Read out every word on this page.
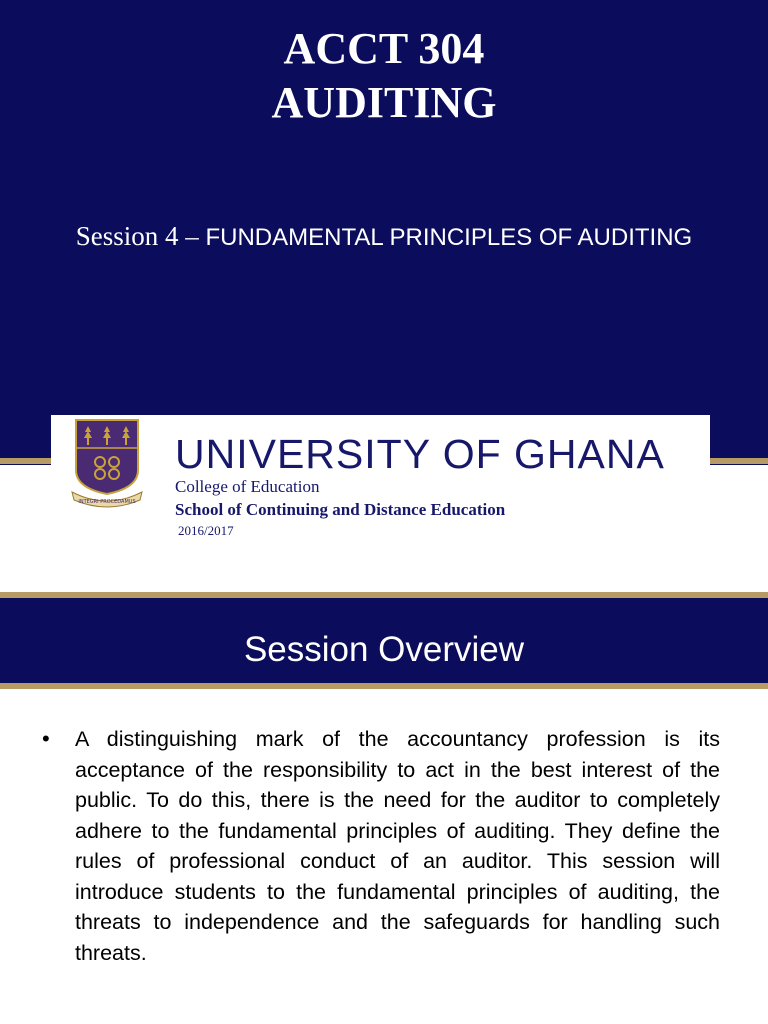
ACCT 304
AUDITING
Session 4 – FUNDAMENTAL PRINCIPLES OF AUDITING
INTEGRI PROCEDAMUS
UNIVERSITY OF GHANA
College of Education
School of Continuing and Distance Education
2016/2017
Session Overview
• A distinguishing mark of the accountancy profession is its acceptance of the responsibility to act in the best interest of the public. To do this, there is the need for the auditor to completely adhere to the fundamental principles of auditing. They define the rules of professional conduct of an auditor. This session will introduce students to the fundamental principles of auditing, the threats to independence and the safeguards for handling such threats.
